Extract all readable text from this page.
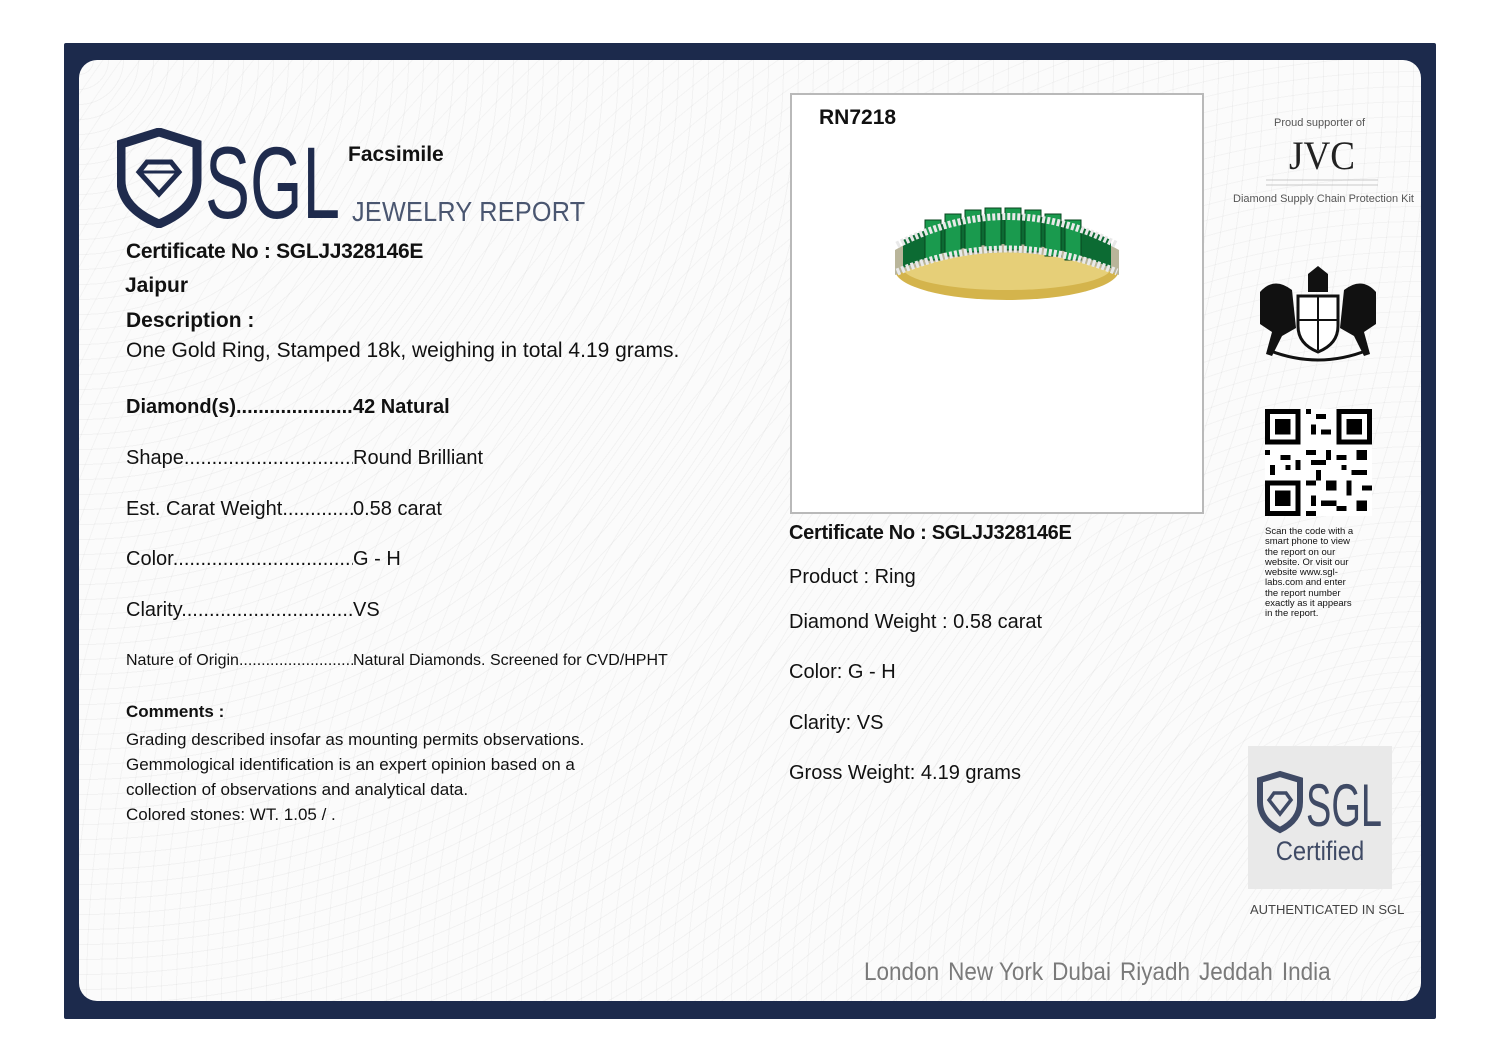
SGL Facsimile
JEWELRY REPORT
Certificate No : SGLJJ328146E
Jaipur
Description :
One Gold Ring, Stamped 18k, weighing in total 4.19 grams.
Diamond(s) .....	42 Natural
Shape .....	Round Brilliant
Est. Carat Weight .....	0.58 carat
Color .....	G - H
Clarity .....	VS
Nature of Origin .....	Natural Diamonds. Screened for CVD/HPHT
Comments :
Grading described insofar as mounting permits observations.
Gemmological identification is an expert opinion based on a
collection of observations and analytical data.
Colored stones: WT. 1.05 / .
RN7218
Certificate No : SGLJJ328146E
Product : Ring
Diamond Weight : 0.58 carat
Color: G - H
Clarity: VS
Gross Weight: 4.19 grams
Proud supporter of
JVC
Diamond Supply Chain Protection Kit
Scan the code with a
smart phone to view
the report on our
website. Or visit our
website www.sgl-
labs.com and enter
the report number
exactly as it appears
in the report.
SGL
Certified
AUTHENTICATED IN SGL
London New York Dubai Riyadh Jeddah India
